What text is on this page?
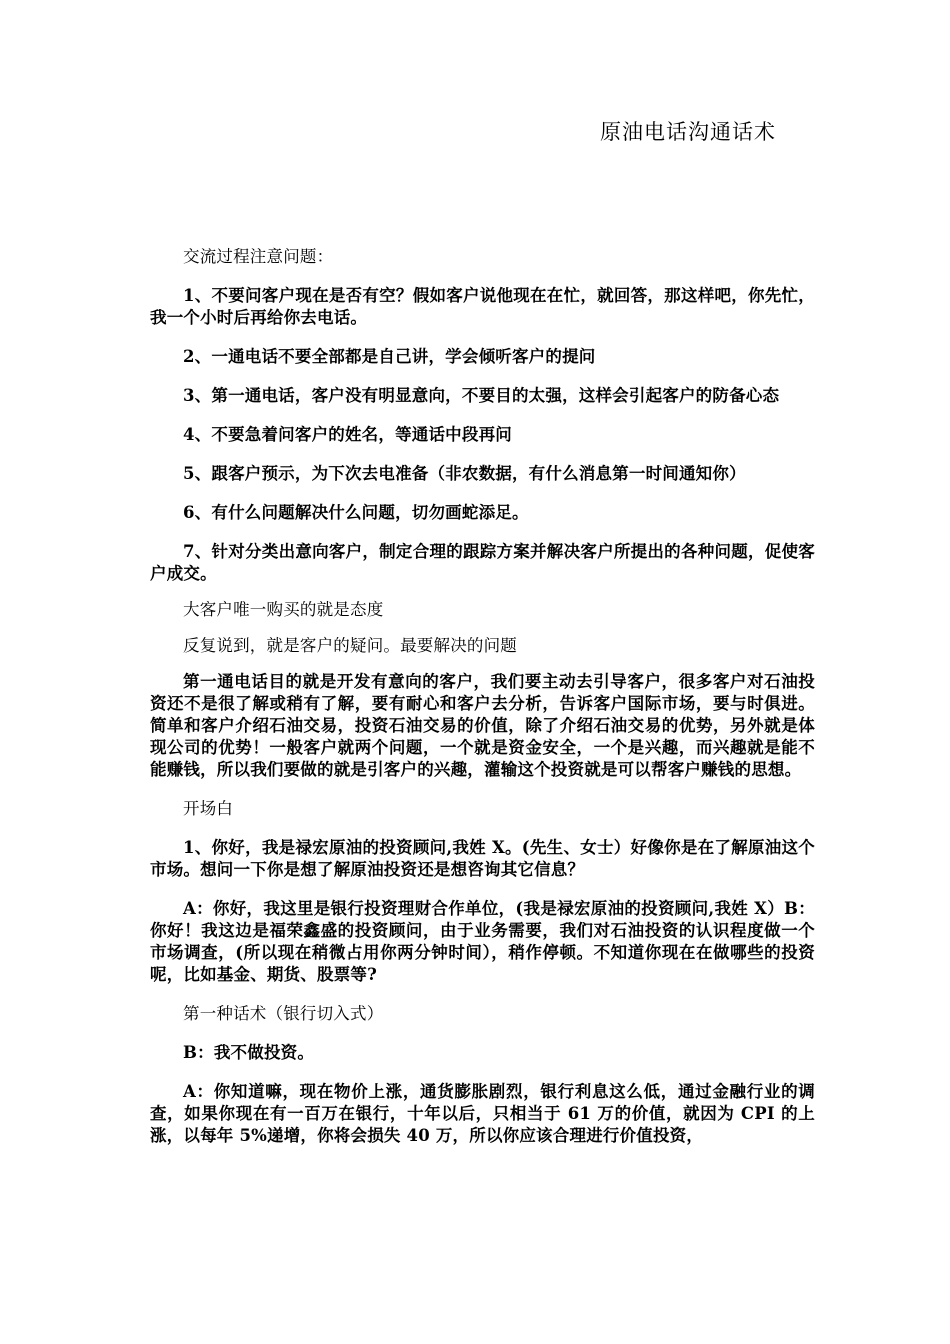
原油电话沟通话术

交流过程注意问题：

1、不要问客户现在是否有空？假如客户说他现在在忙，就回答，那这样吧，你先忙，我一个小时后再给你去电话。

2、一通电话不要全部都是自己讲，学会倾听客户的提问

3、第一通电话，客户没有明显意向，不要目的太强，这样会引起客户的防备心态

4、不要急着问客户的姓名，等通话中段再问

5、跟客户预示，为下次去电准备（非农数据，有什么消息第一时间通知你）

6、有什么问题解决什么问题，切勿画蛇添足。

7、针对分类出意向客户，制定合理的跟踪方案并解决客户所提出的各种问题，促使客户成交。

大客户唯一购买的就是态度

反复说到，就是客户的疑问。最要解决的问题

第一通电话目的就是开发有意向的客户，我们要主动去引导客户，很多客户对石油投资还不是很了解或稍有了解，要有耐心和客户去分析，告诉客户国际市场，要与时俱进。简单和客户介绍石油交易，投资石油交易的价值，除了介绍石油交易的优势，另外就是体现公司的优势！一般客户就两个问题，一个就是资金安全，一个是兴趣，而兴趣就是能不能赚钱，所以我们要做的就是引客户的兴趣，灌输这个投资就是可以帮客户赚钱的思想。

开场白

1、你好，我是禄宏原油的投资顾问,我姓 X。(先生、女士）好像你是在了解原油这个市场。想问一下你是想了解原油投资还是想咨询其它信息？

A：你好，我这里是银行投资理财合作单位，(我是禄宏原油的投资顾问,我姓 X）B：你好！我这边是福荣鑫盛的投资顾问，由于业务需要，我们对石油投资的认识程度做一个市场调查，(所以现在稍微占用你两分钟时间），稍作停顿。不知道你现在在做哪些的投资呢，比如基金、期货、股票等?

第一种话术（银行切入式）

B：我不做投资。

A：你知道嘛，现在物价上涨，通货膨胀剧烈，银行利息这么低，通过金融行业的调查，如果你现在有一百万在银行，十年以后，只相当于 61 万的价值，就因为 CPI 的上涨，以每年 5%递增，你将会损失 40 万，所以你应该合理进行价值投资，
